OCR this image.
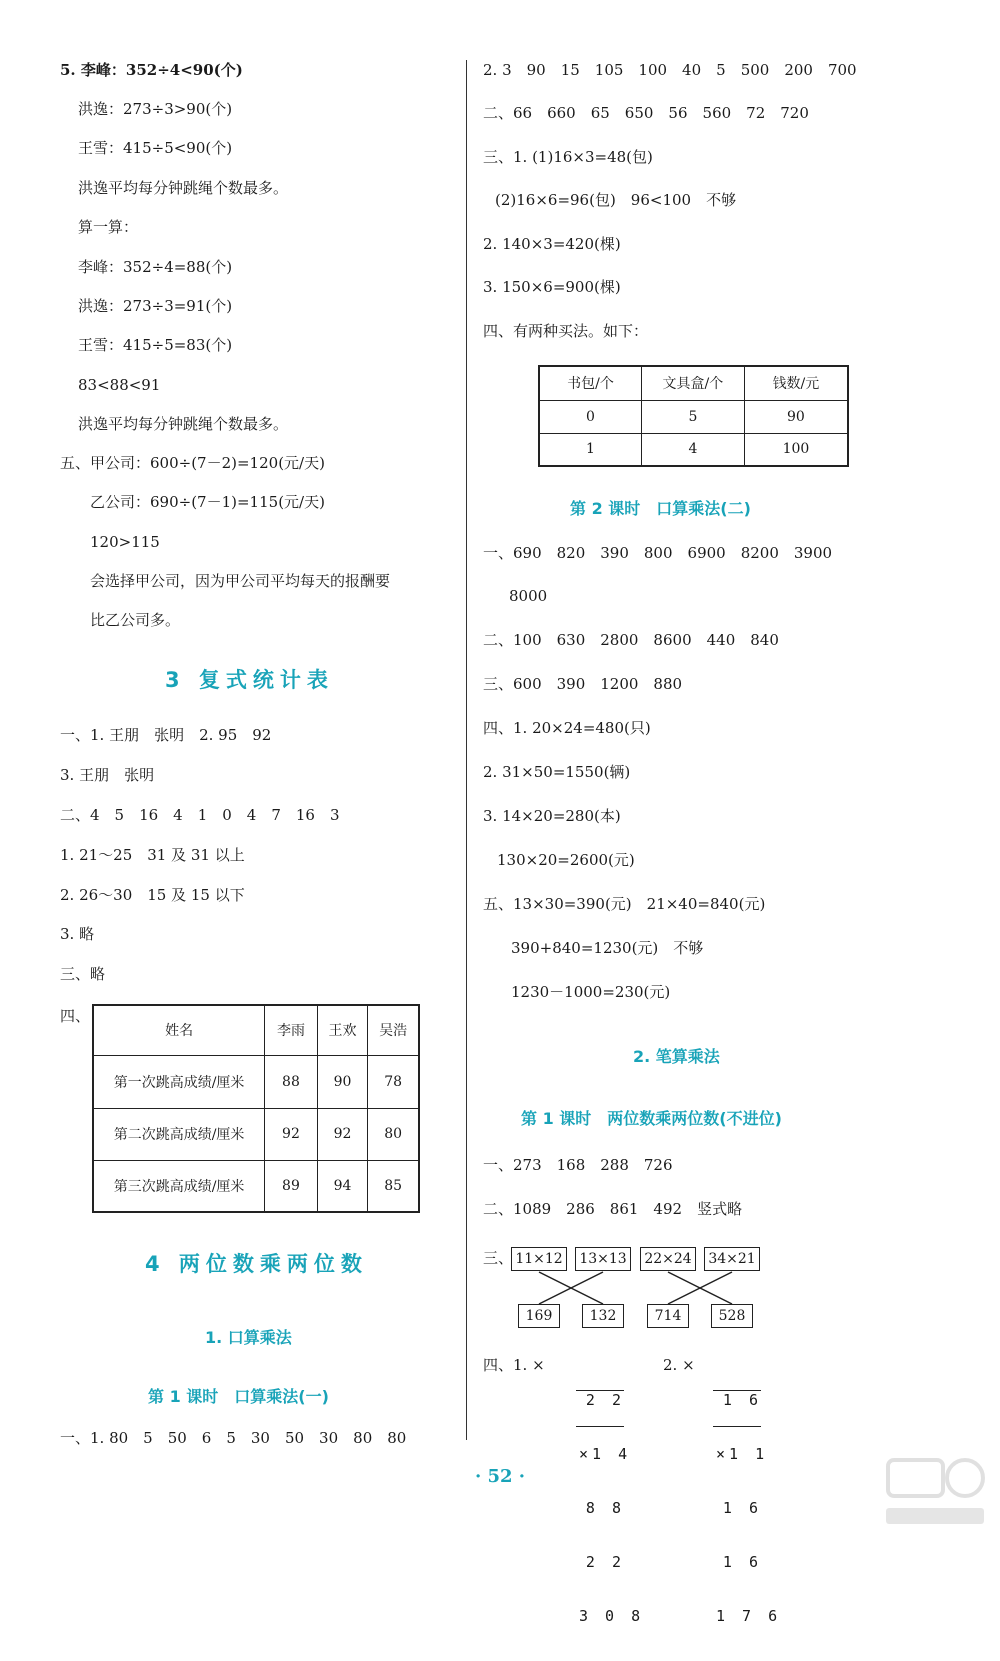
5. 李峰：352÷4<90(个)
洪逸：273÷3>90(个)
王雪：415÷5<90(个)
洪逸平均每分钟跳绳个数最多。
算一算：
李峰：352÷4=88(个)
洪逸：273÷3=91(个)
王雪：415÷5=83(个)
83<88<91
洪逸平均每分钟跳绳个数最多。
五、甲公司：600÷(7－2)=120(元/天)
乙公司：690÷(7－1)=115(元/天)
120>115
会选择甲公司，因为甲公司平均每天的报酬要
比乙公司多。
3 复式统计表
一、1. 王朋　张明　2. 95　92
3. 王朋　张明
二、4　5　16　4　1　0　4　7　16　3
1. 21～25　31 及 31 以上
2. 26～30　15 及 15 以下
3. 略
三、略
四、
姓名	李雨	王欢	吴浩
第一次跳高成绩/厘米	88	90	78
第二次跳高成绩/厘米	92	92	80
第三次跳高成绩/厘米	89	94	85
4 两位数乘两位数
1. 口算乘法
第 1 课时　口算乘法(一)
一、1. 80　5　50　6　5　30　50　30　80　80
2. 3　90　15　105　100　40　5　500　200　700
二、66　660　65　650　56　560　72　720
三、1. (1)16×3=48(包)
(2)16×6=96(包)　96<100　不够
2. 140×3=420(棵)
3. 150×6=900(棵)
四、有两种买法。如下：
书包/个	文具盒/个	钱数/元
0	5	90
1	4	100
第 2 课时　口算乘法(二)
一、690　820　390　800　6900　8200　3900
8000
二、100　630　2800　8600　440　840
三、600　390　1200　880
四、1. 20×24=480(只)
2. 31×50=1550(辆)
3. 14×20=280(本)
130×20=2600(元)
五、13×30=390(元)　21×40=840(元)
390+840=1230(元)　不够
1230－1000=230(元)
2. 笔算乘法
第 1 课时　两位数乘两位数(不进位)
一、273　168　288　726
二、1089　286　861　492　竖式略
三、 11×12	13×13	22×24	34×21
169	132	714	528
四、1. ×

2 2

×1 4

8 8

2 2

3 0 8

2. ×

1 6

×1 1

1 6

1 6

1 7 6

· 52 ·
